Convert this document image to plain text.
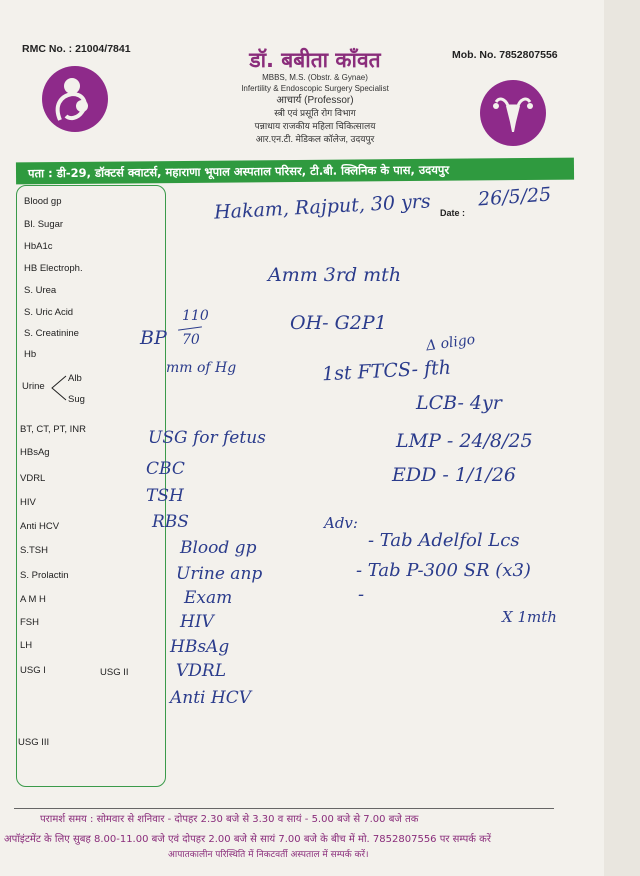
RMC No. : 21004/7841	Mob. No. 7852807556
डॉ. बबीता काँवत
MBBS, M.S. (Obstr. & Gynae)
Infertility & Endoscopic Surgery Specialist
आचार्य (Professor)
स्त्री एवं प्रसूति रोग विभाग
पन्नाधाय राजकीय महिला चिकित्सालय
आर.एन.टी. मेडिकल कॉलेज, उदयपुर
पता : डी-29, डॉक्टर्स क्वाटर्स, महाराणा भूपाल अस्पताल परिसर, टी.बी. क्लिनिक के पास, उदयपुर
Blood gp
Bl. Sugar
HbA1c
HB Electroph.
S. Urea
S. Uric Acid
S. Creatinine
Hb
Urine
Alb
Sug
BT, CT, PT, INR
HBsAg
VDRL
HIV
Anti HCV
S.TSH
S. Prolactin
A M H
FSH
LH
USG I	USG II
USG III
Date :
Hakam, Rajput, 30 yrs 26/5/25
Amm 3rd mth
OH- G2P1
110
BP 70
mm of Hg
Δ oligo
1st FTCS- fth
LCB- 4yr
LMP - 24/8/25
EDD - 1/1/26
Adv:
- Tab Adelfol Lcs
- Tab P-300 SR (x3)
-
X 1mth
USG for fetus
CBC
TSH
RBS
Blood gp
Urine anp
Exam
HIV
HBsAg
VDRL
Anti HCV
परामर्श समय : सोमवार से शनिवार - दोपहर 2.30 बजे से 3.30 व सायं - 5.00 बजे से 7.00 बजे तक
अपॉइंटमेंट के लिए सुबह 8.00-11.00 बजे एवं दोपहर 2.00 बजे से सायं 7.00 बजे के बीच में मो. 7852807556 पर सम्पर्क करें
आपातकालीन परिस्थिति में निकटवर्ती अस्पताल में सम्पर्क करें।
